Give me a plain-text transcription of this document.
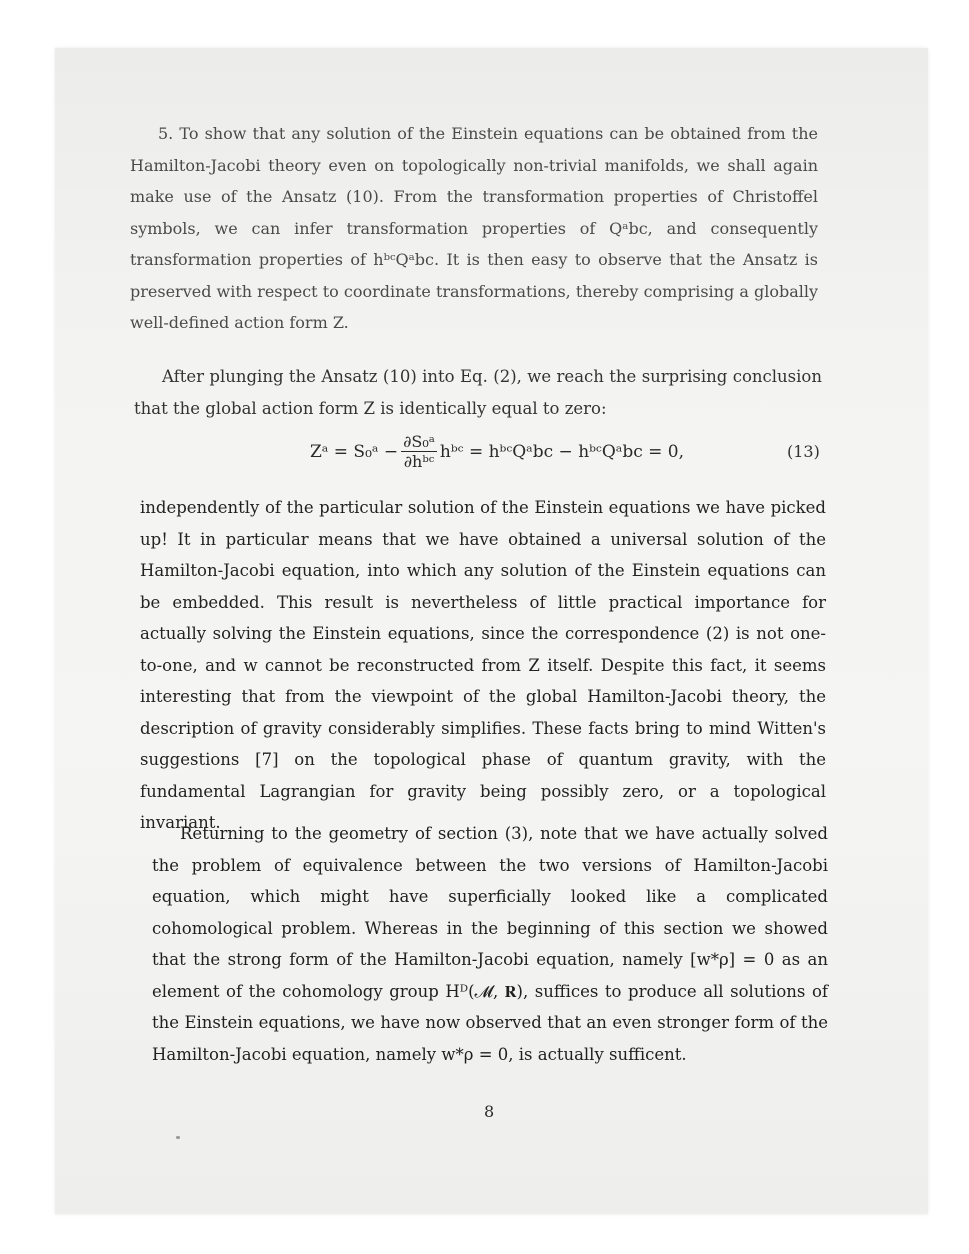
5. To show that any solution of the Einstein equations can be obtained from the Hamilton-Jacobi theory even on topologically non-trivial manifolds, we shall again make use of the Ansatz (10). From the transformation properties of Christoffel symbols, we can infer transformation properties of Qᵃbc, and consequently transformation properties of hᵇᶜQᵃbc. It is then easy to observe that the Ansatz is preserved with respect to coordinate transformations, thereby comprising a globally well-defined action form Z.

After plunging the Ansatz (10) into Eq. (2), we reach the surprising conclusion that the global action form Z is identically equal to zero:

Zᵃ = S₀ᵃ − $\frac{\text{∂S₀ᵃ}}{\text{∂hᵇᶜ}}$ hᵇᶜ = hᵇᶜQᵃbc − hᵇᶜQᵃbc = 0,	(13)

independently of the particular solution of the Einstein equations we have picked up! It in particular means that we have obtained a universal solution of the Hamilton-Jacobi equation, into which any solution of the Einstein equations can be embedded. This result is nevertheless of little practical importance for actually solving the Einstein equations, since the correspondence (2) is not one-to-one, and w cannot be reconstructed from Z itself. Despite this fact, it seems interesting that from the viewpoint of the global Hamilton-Jacobi theory, the description of gravity considerably simplifies. These facts bring to mind Witten's suggestions [7] on the topological phase of quantum gravity, with the fundamental Lagrangian for gravity being possibly zero, or a topological invariant.

Returning to the geometry of section (3), note that we have actually solved the problem of equivalence between the two versions of Hamilton-Jacobi equation, which might have superficially looked like a complicated cohomological problem. Whereas in the beginning of this section we showed that the strong form of the Hamilton-Jacobi equation, namely [w*ρ] = 0 as an element of the cohomology group Hᴰ(𝓜, 𝐑), suffices to produce all solutions of the Einstein equations, we have now observed that an even stronger form of the Hamilton-Jacobi equation, namely w*ρ = 0, is actually sufficent.

8
